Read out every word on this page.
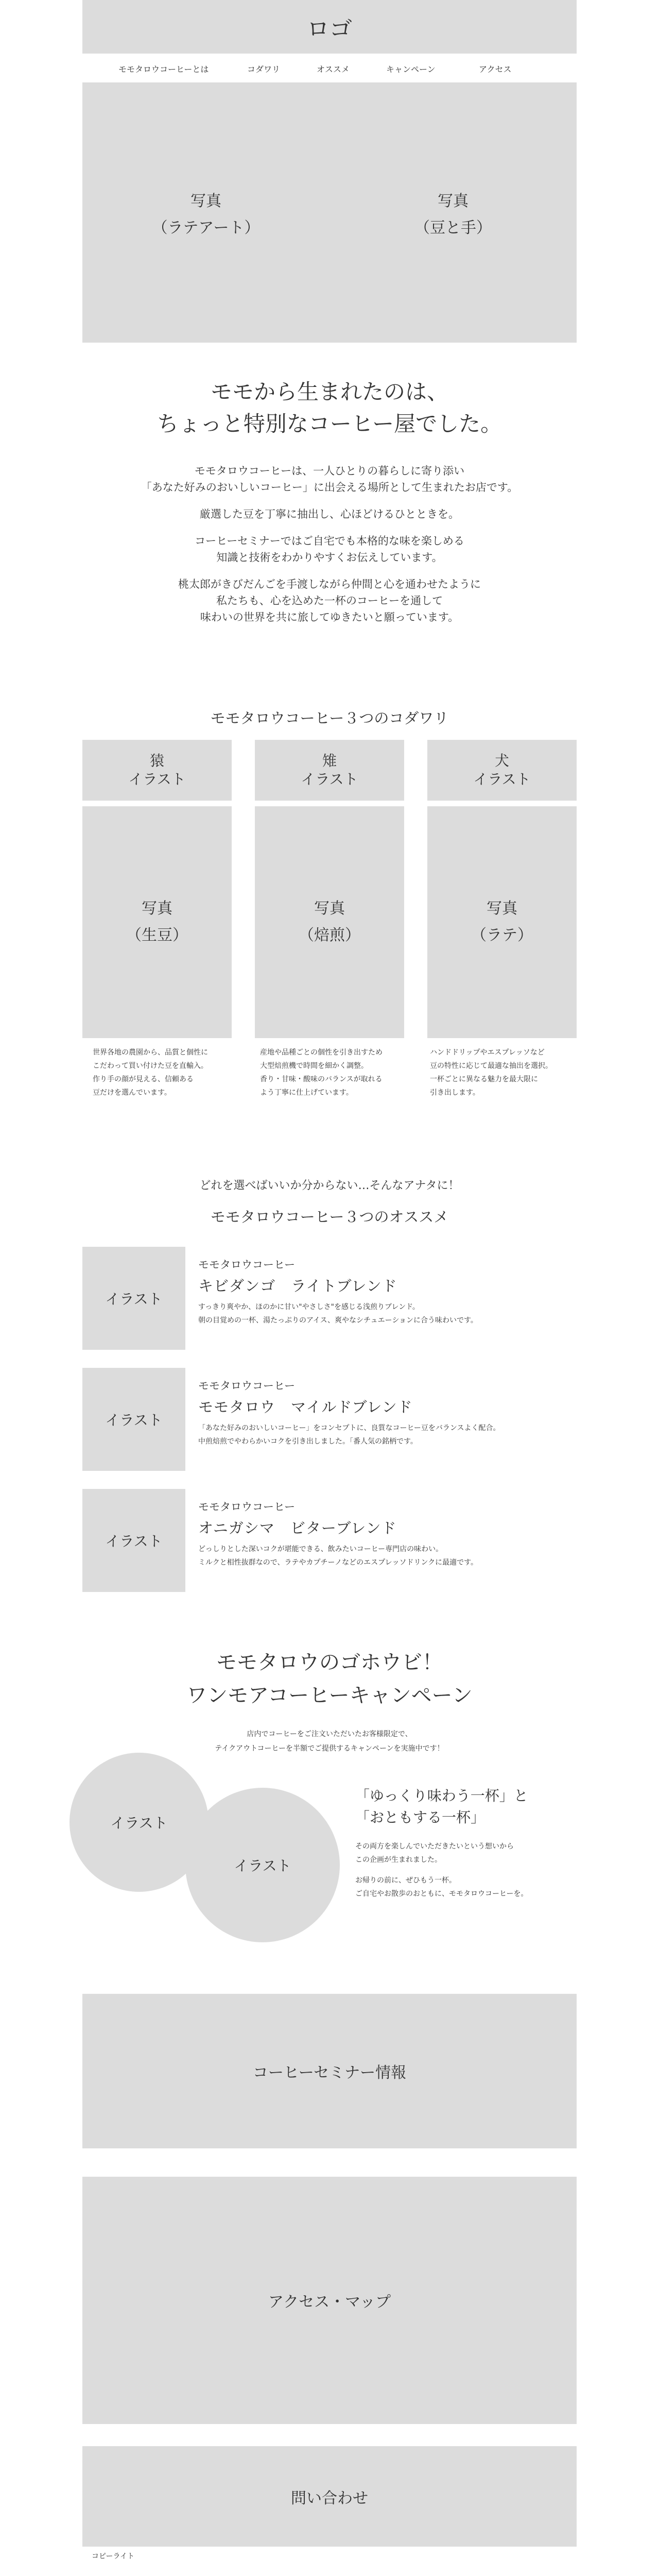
ロゴ
モモタロウコーヒーとは	コダワリ	オススメ	キャンペーン	アクセス
写真
（ラテアート）
写真
（豆と手）
モモから生まれたのは、
ちょっと特別なコーヒー屋でした。
モモタロウコーヒーは、一人ひとりの暮らしに寄り添い
「あなた好みのおいしいコーヒー」に出会える場所として生まれたお店です。
厳選した豆を丁寧に抽出し、心ほどけるひとときを。
コーヒーセミナーではご自宅でも本格的な味を楽しめる
知識と技術をわかりやすくお伝えしています。
桃太郎がきびだんごを手渡しながら仲間と心を通わせたように
私たちも、心を込めた一杯のコーヒーを通して
味わいの世界を共に旅してゆきたいと願っています。
モモタロウコーヒー３つのコダワリ
猿
イラスト
写真
（生豆）
世界各地の農園から、品質と個性に
こだわって買い付けた豆を直輸入。
作り手の顔が見える、信頼ある
豆だけを選んでいます。
雉
イラスト
写真
（焙煎）
産地や品種ごとの個性を引き出すため
大型焙煎機で時間を細かく調整。
香り・甘味・酸味のバランスが取れる
よう丁寧に仕上げています。
犬
イラスト
写真
（ラテ）
ハンドドリップやエスプレッソなど
豆の特性に応じて最適な抽出を選択。
一杯ごとに異なる魅力を最大限に
引き出します。
どれを選べばいいか分からない…そんなアナタに！
モモタロウコーヒー３つのオススメ
イラスト
モモタロウコーヒー
キビダンゴ　ライトブレンド
すっきり爽やか、ほのかに甘い"やさしさ"を感じる浅煎りブレンド。
朝の目覚めの一杯、湯たっぷりのアイス、爽やなシチュエーションに合う味わいです。
イラスト
モモタロウコーヒー
モモタロウ　マイルドブレンド
「あなた好みのおいしいコーヒー」をコンセプトに、良質なコーヒー豆をバランスよく配合。
中煎焙煎でやわらかいコクを引き出しました。「番人気の銘柄です。
イラスト
モモタロウコーヒー
オニガシマ　ビターブレンド
どっしりとした深いコクが堪能できる、飲みたいコーヒー専門店の味わい。
ミルクと相性抜群なので、ラテやカプチーノなどのエスプレッソドリンクに最適です。
モモタロウのゴホウビ！
ワンモアコーヒーキャンペーン
店内でコーヒーをご注文いただいたお客様限定で、
テイクアウトコーヒーを半額でご提供するキャンペーンを実施中です！
イラスト
イラスト
「ゆっくり味わう一杯」と
「おともする一杯」
その両方を楽しんでいただきたいという想いから
この企画が生まれました。
お帰りの前に、ぜひもう一杯。
ご自宅やお散歩のおともに、モモタロウコーヒーを。
コーヒーセミナー情報
アクセス・マップ
問い合わせ
コピーライト
